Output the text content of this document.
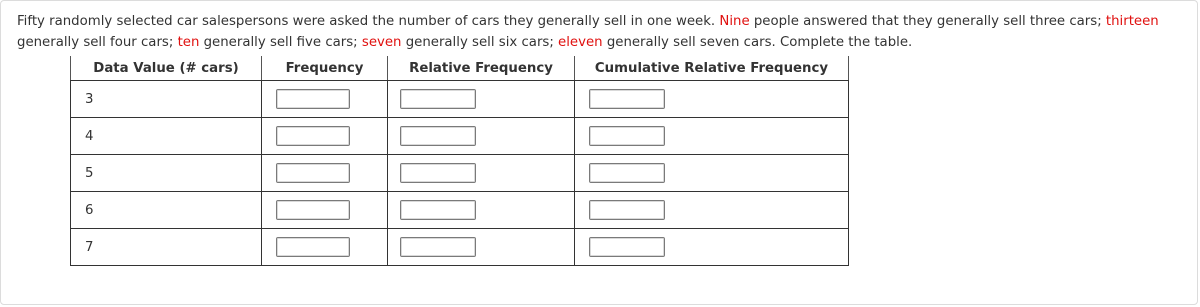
Fifty randomly selected car salespersons were asked the number of cars they generally sell in one week. Nine people answered that they generally sell three cars; thirteen generally sell four cars; ten generally sell five cars; seven generally sell six cars; eleven generally sell seven cars. Complete the table.
Data Value (# cars)	Frequency	Relative Frequency	Cumulative Relative Frequency
3	

4	

5	

6	

7	
